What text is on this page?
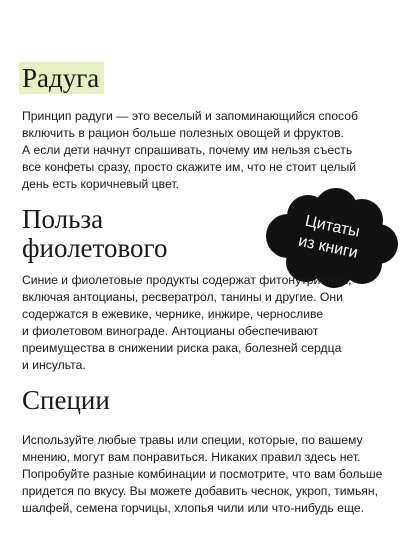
Радуга

Принцип радуги — это веселый и запоминающийся способ
включить в рацион больше полезных овощей и фруктов.
А если дети начнут спрашивать, почему им нельзя съесть
все конфеты сразу, просто скажите им, что не стоит целый
день есть коричневый цвет.

Польза
фиолетового
Цитаты
из книги

Синие и фиолетовые продукты содержат фитонутриенты,
включая антоцианы, ресвератрол, танины и другие. Они
содержатся в ежевике, чернике, инжире, черносливе
и фиолетовом винограде. Антоцианы обеспечивают
преимущества в снижении риска рака, болезней сердца
и инсульта.

Специи

Используйте любые травы или специи, которые, по вашему
мнению, могут вам понравиться. Никаких правил здесь нет.
Попробуйте разные комбинации и посмотрите, что вам больше
придется по вкусу. Вы можете добавить чеснок, укроп, тимьян,
шалфей, семена горчицы, хлопья чили или что-нибудь еще.
